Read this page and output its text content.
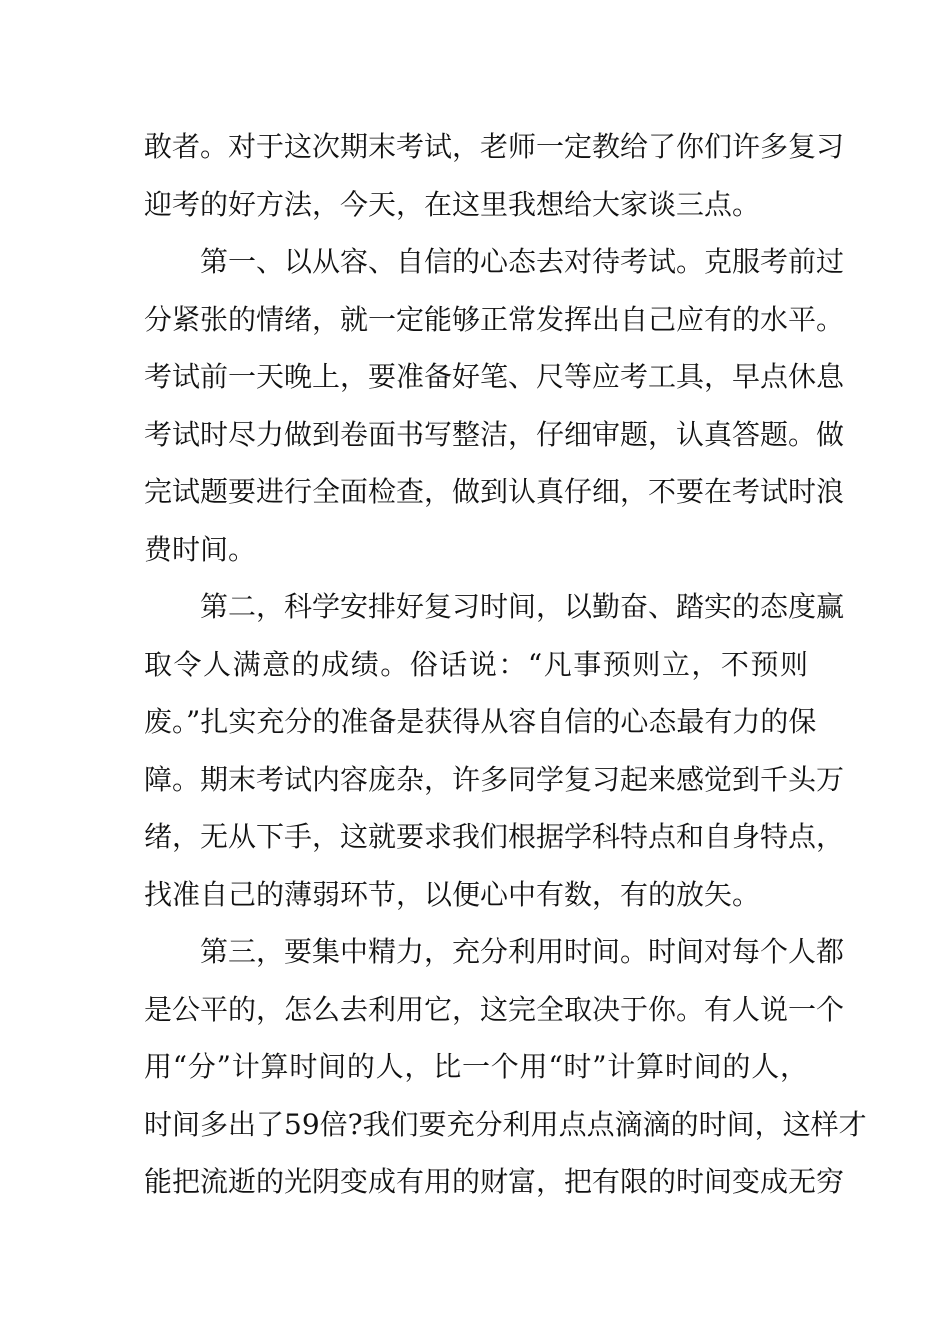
敢者。对于这次期末考试，老师一定教给了你们许多复习
迎考的好方法，今天，在这里我想给大家谈三点。
第一、以从容、自信的心态去对待考试。克服考前过
分紧张的情绪，就一定能够正常发挥出自己应有的水平。
考试前一天晚上，要准备好笔、尺等应考工具，早点休息
考试时尽力做到卷面书写整洁，仔细审题，认真答题。做
完试题要进行全面检查，做到认真仔细，不要在考试时浪
费时间。
第二，科学安排好复习时间，以勤奋、踏实的态度赢
取令人满意的成绩。俗话说：“凡事预则立，不预则
废。”扎实充分的准备是获得从容自信的心态最有力的保
障。期末考试内容庞杂，许多同学复习起来感觉到千头万
绪，无从下手，这就要求我们根据学科特点和自身特点，
找准自己的薄弱环节，以便心中有数，有的放矢。
第三，要集中精力，充分利用时间。时间对每个人都
是公平的，怎么去利用它，这完全取决于你。有人说一个
用“分”计算时间的人，比一个用“时”计算时间的人，
时间多出了59倍?我们要充分利用点点滴滴的时间，这样才
能把流逝的光阴变成有用的财富，把有限的时间变成无穷
